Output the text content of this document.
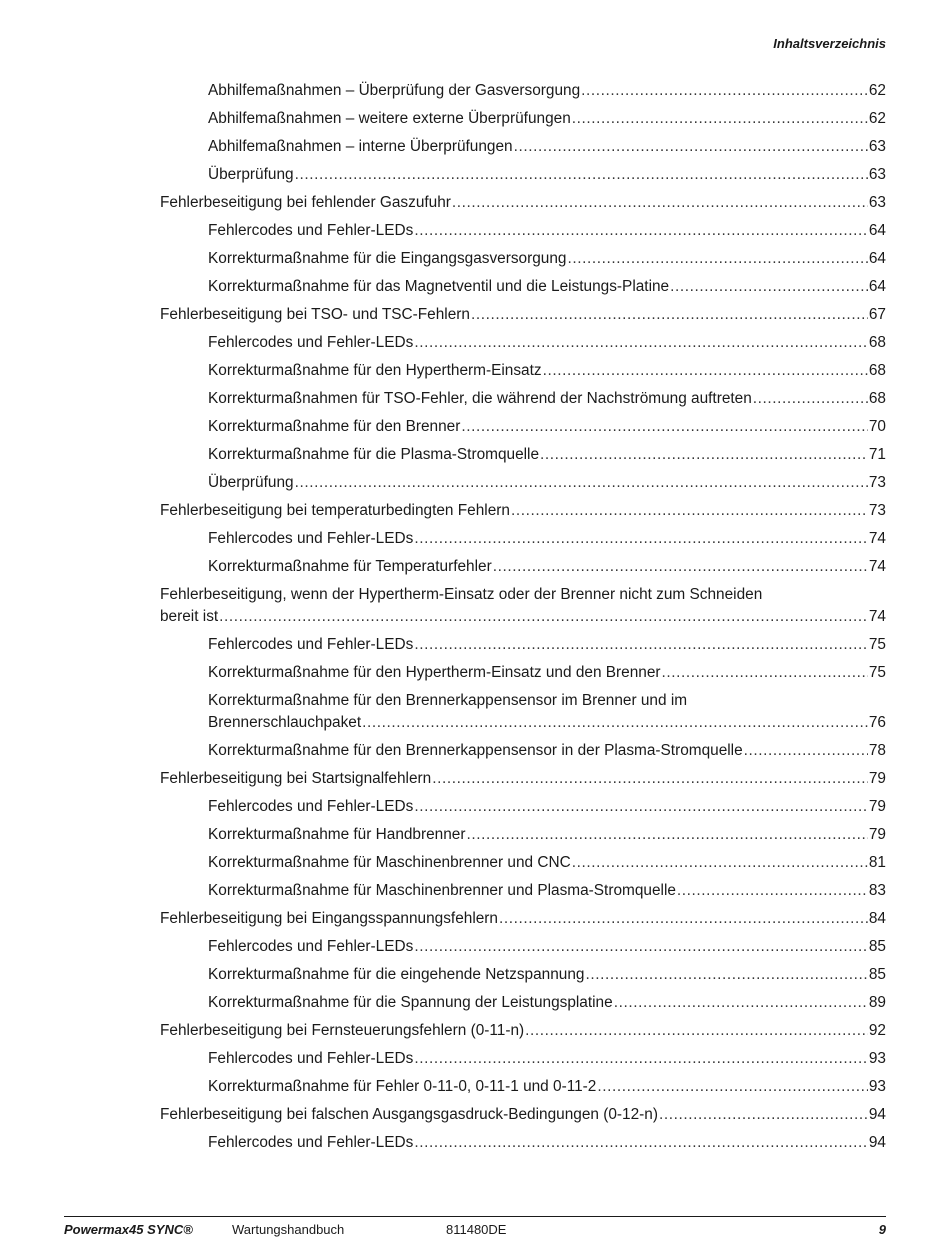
Inhaltsverzeichnis
Abhilfemaßnahmen – Überprüfung der Gasversorgung .....	62
Abhilfemaßnahmen – weitere externe Überprüfungen .....	62
Abhilfemaßnahmen – interne Überprüfungen .....	63
Überprüfung .....	63
Fehlerbeseitigung bei fehlender Gaszufuhr .....	63
Fehlercodes und Fehler-LEDs .....	64
Korrekturmaßnahme für die Eingangsgasversorgung .....	64
Korrekturmaßnahme für das Magnetventil und die Leistungs-Platine .....	64
Fehlerbeseitigung bei TSO- und TSC-Fehlern .....	67
Fehlercodes und Fehler-LEDs .....	68
Korrekturmaßnahme für den Hypertherm-Einsatz .....	68
Korrekturmaßnahmen für TSO-Fehler, die während der Nachströmung auftreten .....	68
Korrekturmaßnahme für den Brenner .....	70
Korrekturmaßnahme für die Plasma-Stromquelle .....	71
Überprüfung .....	73
Fehlerbeseitigung bei temperaturbedingten Fehlern .....	73
Fehlercodes und Fehler-LEDs .....	74
Korrekturmaßnahme für Temperaturfehler .....	74
Fehlerbeseitigung, wenn der Hypertherm-Einsatz oder der Brenner nicht zum Schneiden
bereit ist .....	74
Fehlercodes und Fehler-LEDs .....	75
Korrekturmaßnahme für den Hypertherm-Einsatz und den Brenner .....	75
Korrekturmaßnahme für den Brennerkappensensor im Brenner und im
Brennerschlauchpaket .....	76
Korrekturmaßnahme für den Brennerkappensensor in der Plasma-Stromquelle .....	78
Fehlerbeseitigung bei Startsignalfehlern .....	79
Fehlercodes und Fehler-LEDs .....	79
Korrekturmaßnahme für Handbrenner .....	79
Korrekturmaßnahme für Maschinenbrenner und CNC .....	81
Korrekturmaßnahme für Maschinenbrenner und Plasma-Stromquelle .....	83
Fehlerbeseitigung bei Eingangsspannungsfehlern .....	84
Fehlercodes und Fehler-LEDs .....	85
Korrekturmaßnahme für die eingehende Netzspannung .....	85
Korrekturmaßnahme für die Spannung der Leistungsplatine .....	89
Fehlerbeseitigung bei Fernsteuerungsfehlern (0-11-n) .....	92
Fehlercodes und Fehler-LEDs .....	93
Korrekturmaßnahme für Fehler 0-11-0, 0-11-1 und 0-11-2 .....	93
Fehlerbeseitigung bei falschen Ausgangsgasdruck-Bedingungen (0-12-n) .....	94
Fehlercodes und Fehler-LEDs .....	94
Powermax45 SYNC®	Wartungshandbuch	811480DE	9
